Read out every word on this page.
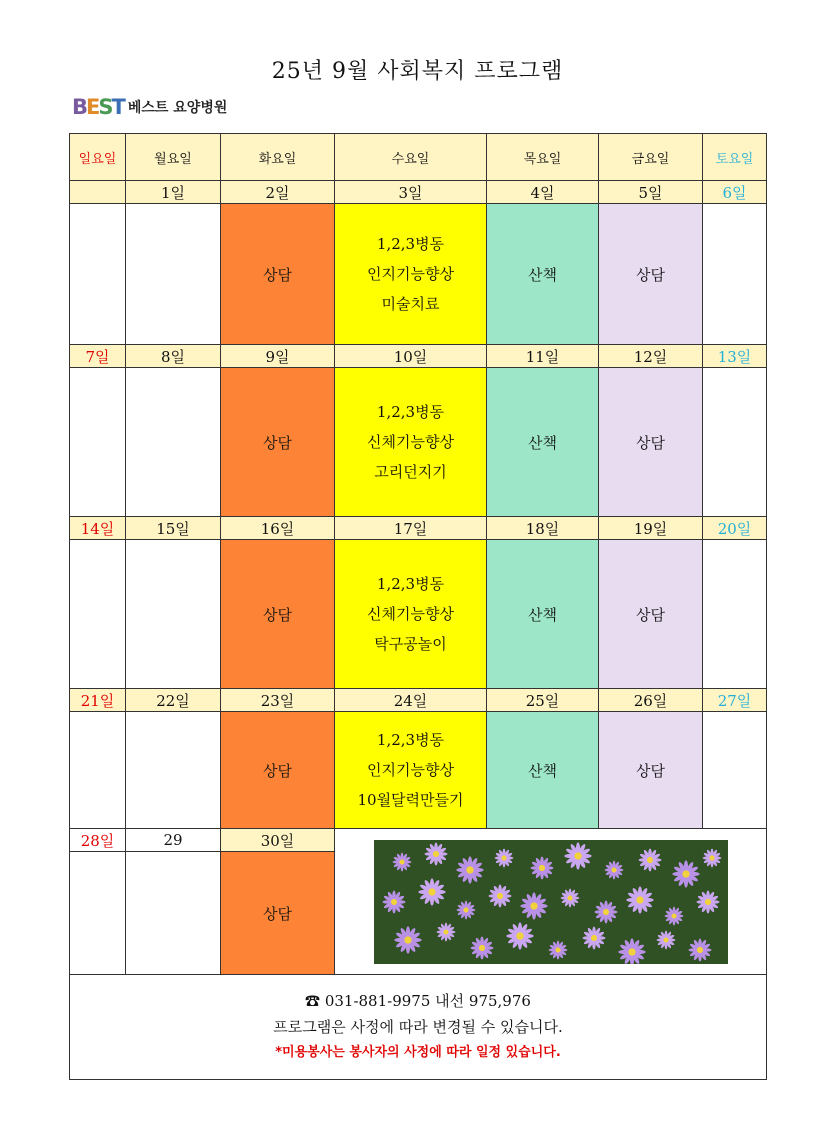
25년 9월 사회복지 프로그램
B E S T 베스트 요양병원
일요일	월요일	화요일	수요일	목요일	금요일	토요일
	1일	2일	3일	4일	5일	6일
		상담	1,2,3병동
인지기능향상
미술치료	산책	상담	
7일	8일	9일	10일	11일	12일	13일
		상담	1,2,3병동
신체기능향상
고리던지기	산책	상담	
14일	15일	16일	17일	18일	19일	20일
		상담	1,2,3병동
신체기능향상
탁구공놀이	산책	상담	
21일	22일	23일	24일	25일	26일	27일
		상담	1,2,3병동
인지기능향상
10월달력만들기	산책	상담	
28일	29	30일	

		상담				

☎ 031-881-9975 내선 975,976
프로그램은 사정에 따라 변경될 수 있습니다.
*미용봉사는 봉사자의 사정에 따라 일정 있습니다.						
